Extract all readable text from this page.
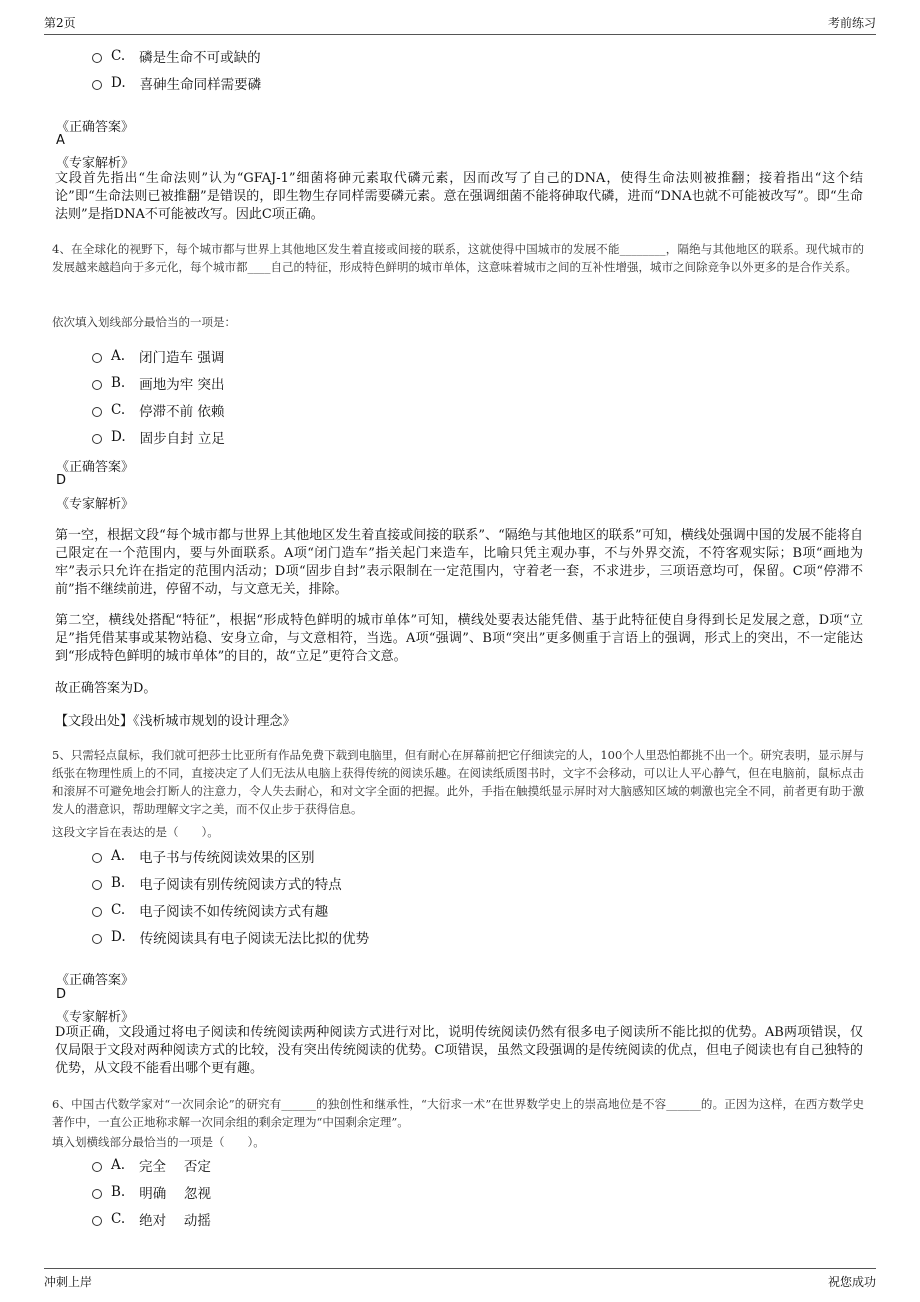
第2页	考前练习
C. 磷是生命不可或缺的
D. 喜砷生命同样需要磷
《正确答案》
A
《专家解析》
文段首先指出“生命法则”认为“GFAJ-1”细菌将砷元素取代磷元素，因而改写了自己的DNA，使得生命法则被推翻；接着指出“这个结论”即“生命法则已被推翻”是错误的，即生物生存同样需要磷元素。意在强调细菌不能将砷取代磷，进而“DNA也就不可能被改写”。即“生命法则”是指DNA不可能被改写。因此C项正确。
4、在全球化的视野下，每个城市都与世界上其他地区发生着直接或间接的联系，这就使得中国城市的发展不能________，隔绝与其他地区的联系。现代城市的发展越来越趋向于多元化，每个城市都____自己的特征，形成特色鲜明的城市单体，这意味着城市之间的互补性增强，城市之间除竞争以外更多的是合作关系。
依次填入划线部分最恰当的一项是：
A. 闭门造车 强调
B. 画地为牢 突出
C. 停滞不前 依赖
D. 固步自封 立足
《正确答案》
D
《专家解析》
第一空，根据文段“每个城市都与世界上其他地区发生着直接或间接的联系”、“隔绝与其他地区的联系”可知，横线处强调中国的发展不能将自己限定在一个范围内，要与外面联系。A项“闭门造车”指关起门来造车，比喻只凭主观办事，不与外界交流，不符客观实际；B项“画地为牢”表示只允许在指定的范围内活动；D项“固步自封”表示限制在一定范围内，守着老一套，不求进步，三项语意均可，保留。C项“停滞不前”指不继续前进，停留不动，与文意无关，排除。
第二空，横线处搭配“特征”，根据“形成特色鲜明的城市单体”可知，横线处要表达能凭借、基于此特征使自身得到长足发展之意，D项“立足”指凭借某事或某物站稳、安身立命，与文意相符，当选。A项“强调”、B项“突出”更多侧重于言语上的强调，形式上的突出，不一定能达到“形成特色鲜明的城市单体”的目的，故“立足”更符合文意。
故正确答案为D。
【文段出处】《浅析城市规划的设计理念》
5、只需轻点鼠标，我们就可把莎士比亚所有作品免费下载到电脑里，但有耐心在屏幕前把它仔细读完的人，100个人里恐怕都挑不出一个。研究表明，显示屏与纸张在物理性质上的不同，直接决定了人们无法从电脑上获得传统的阅读乐趣。在阅读纸质图书时，文字不会移动，可以让人平心静气，但在电脑前，鼠标点击和滚屏不可避免地会打断人的注意力，令人失去耐心，和对文字全面的把握。此外，手指在触摸纸显示屏时对大脑感知区域的刺激也完全不同，前者更有助于激发人的潜意识，帮助理解文字之美，而不仅止步于获得信息。
这段文字旨在表达的是（　　）。
A. 电子书与传统阅读效果的区别
B. 电子阅读有别传统阅读方式的特点
C. 电子阅读不如传统阅读方式有趣
D. 传统阅读具有电子阅读无法比拟的优势
《正确答案》
D
《专家解析》
D项正确，文段通过将电子阅读和传统阅读两种阅读方式进行对比，说明传统阅读仍然有很多电子阅读所不能比拟的优势。AB两项错误，仅仅局限于文段对两种阅读方式的比较，没有突出传统阅读的优势。C项错误，虽然文段强调的是传统阅读的优点，但电子阅读也有自己独特的优势，从文段不能看出哪个更有趣。
6、中国古代数学家对“一次同余论”的研究有______的独创性和继承性，“大衍求一术”在世界数学史上的崇高地位是不容______的。正因为这样，在西方数学史著作中，一直公正地称求解一次同余组的剩余定理为“中国剩余定理”。
填入划横线部分最恰当的一项是（　　）。
A. 完全　 否定
B. 明确　 忽视
C. 绝对　 动摇
冲刺上岸	祝您成功
